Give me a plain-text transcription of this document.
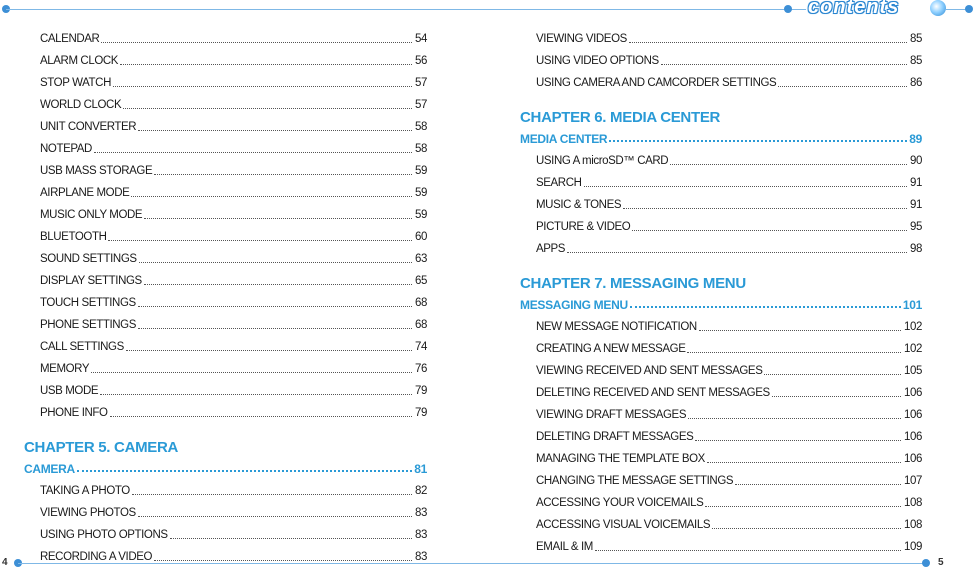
contents
4	5
CALENDAR	54
ALARM CLOCK	56
STOP WATCH	57
WORLD CLOCK	57
UNIT CONVERTER	58
NOTEPAD	58
USB MASS STORAGE	59
AIRPLANE MODE	59
MUSIC ONLY MODE	59
BLUETOOTH	60
SOUND SETTINGS	63
DISPLAY SETTINGS	65
TOUCH SETTINGS	68
PHONE SETTINGS	68
CALL SETTINGS	74
MEMORY	76
USB MODE	79
PHONE INFO	79
CHAPTER 5. CAMERA
CAMERA	81
TAKING A PHOTO	82
VIEWING PHOTOS	83
USING PHOTO OPTIONS	83
RECORDING A VIDEO	83
VIEWING VIDEOS	85
USING VIDEO OPTIONS	85
USING CAMERA AND CAMCORDER SETTINGS	86
CHAPTER 6. MEDIA CENTER
MEDIA CENTER	89
USING A microSD™ CARD	90
SEARCH	91
MUSIC & TONES	91
PICTURE & VIDEO	95
APPS	98
CHAPTER 7. MESSAGING MENU
MESSAGING MENU	101
NEW MESSAGE NOTIFICATION	102
CREATING A NEW MESSAGE	102
VIEWING RECEIVED AND SENT MESSAGES	105
DELETING RECEIVED AND SENT MESSAGES	106
VIEWING DRAFT MESSAGES	106
DELETING DRAFT MESSAGES	106
MANAGING THE TEMPLATE BOX	106
CHANGING THE MESSAGE SETTINGS	107
ACCESSING YOUR VOICEMAILS	108
ACCESSING VISUAL VOICEMAILS	108
EMAIL & IM	109
